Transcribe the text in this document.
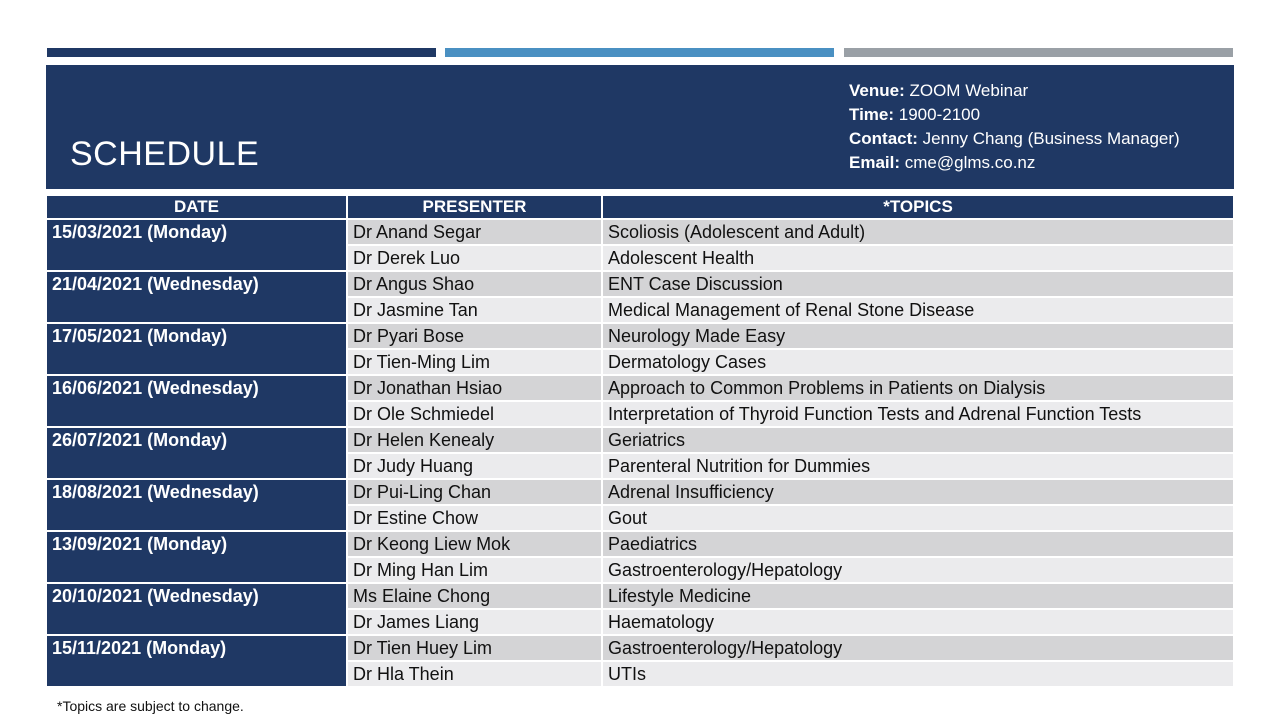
SCHEDULE
Venue: ZOOM Webinar
Time: 1900-2100
Contact: Jenny Chang (Business Manager)
Email: cme@glms.co.nz
DATE	PRESENTER	*TOPICS
15/03/2021 (Monday)	Dr Anand Segar	Scoliosis (Adolescent and Adult)
	Dr Derek Luo	Adolescent Health
21/04/2021 (Wednesday)	Dr Angus Shao	ENT Case Discussion
	Dr Jasmine Tan	Medical Management of Renal Stone Disease
17/05/2021 (Monday)	Dr Pyari Bose	Neurology Made Easy
	Dr Tien-Ming Lim	Dermatology Cases
16/06/2021 (Wednesday)	Dr Jonathan Hsiao	Approach to Common Problems in Patients on Dialysis
	Dr Ole Schmiedel	Interpretation of Thyroid Function Tests and Adrenal Function Tests
26/07/2021 (Monday)	Dr Helen Kenealy	Geriatrics
	Dr Judy Huang	Parenteral Nutrition for Dummies
18/08/2021 (Wednesday)	Dr Pui-Ling Chan	Adrenal Insufficiency
	Dr Estine Chow	Gout
13/09/2021 (Monday)	Dr Keong Liew Mok	Paediatrics
	Dr Ming Han Lim	Gastroenterology/Hepatology
20/10/2021 (Wednesday)	Ms Elaine Chong	Lifestyle Medicine
	Dr James Liang	Haematology
15/11/2021 (Monday)	Dr Tien Huey Lim	Gastroenterology/Hepatology
	Dr Hla Thein	UTIs
*Topics are subject to change.
